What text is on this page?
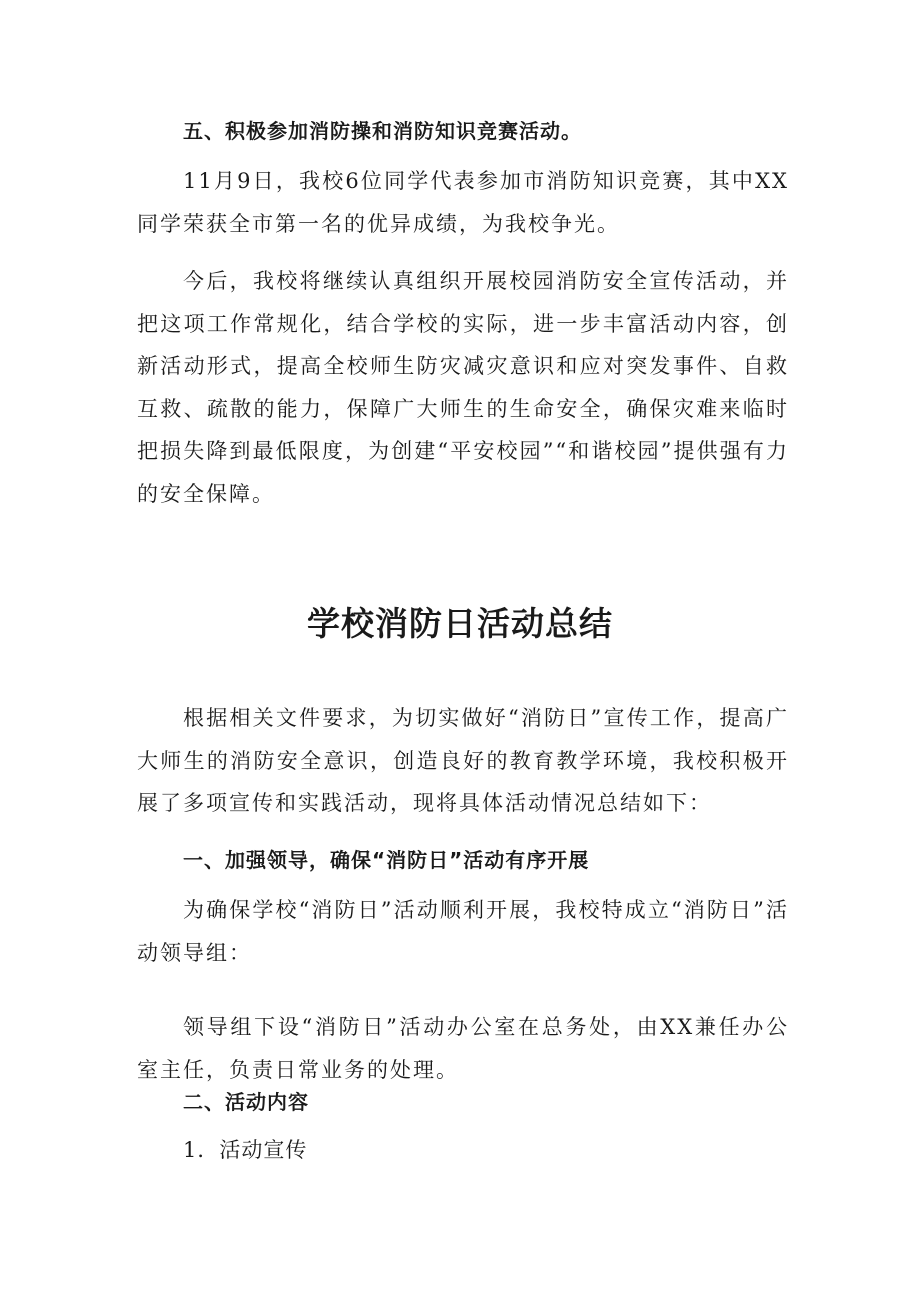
五、积极参加消防操和消防知识竞赛活动。

11月9日，我校6位同学代表参加市消防知识竞赛，其中XX同学荣获全市第一名的优异成绩，为我校争光。

今后，我校将继续认真组织开展校园消防安全宣传活动，并把这项工作常规化，结合学校的实际，进一步丰富活动内容，创新活动形式，提高全校师生防灾减灾意识和应对突发事件、自救互救、疏散的能力，保障广大师生的生命安全，确保灾难来临时把损失降到最低限度，为创建“平安校园”“和谐校园”提供强有力的安全保障。

学校消防日活动总结

根据相关文件要求，为切实做好“消防日”宣传工作，提高广大师生的消防安全意识，创造良好的教育教学环境，我校积极开展了多项宣传和实践活动，现将具体活动情况总结如下：

一、加强领导，确保“消防日”活动有序开展

为确保学校“消防日”活动顺利开展，我校特成立“消防日”活动领导组：

领导组下设“消防日”活动办公室在总务处，由XX兼任办公室主任，负责日常业务的处理。

二、活动内容

1．活动宣传
